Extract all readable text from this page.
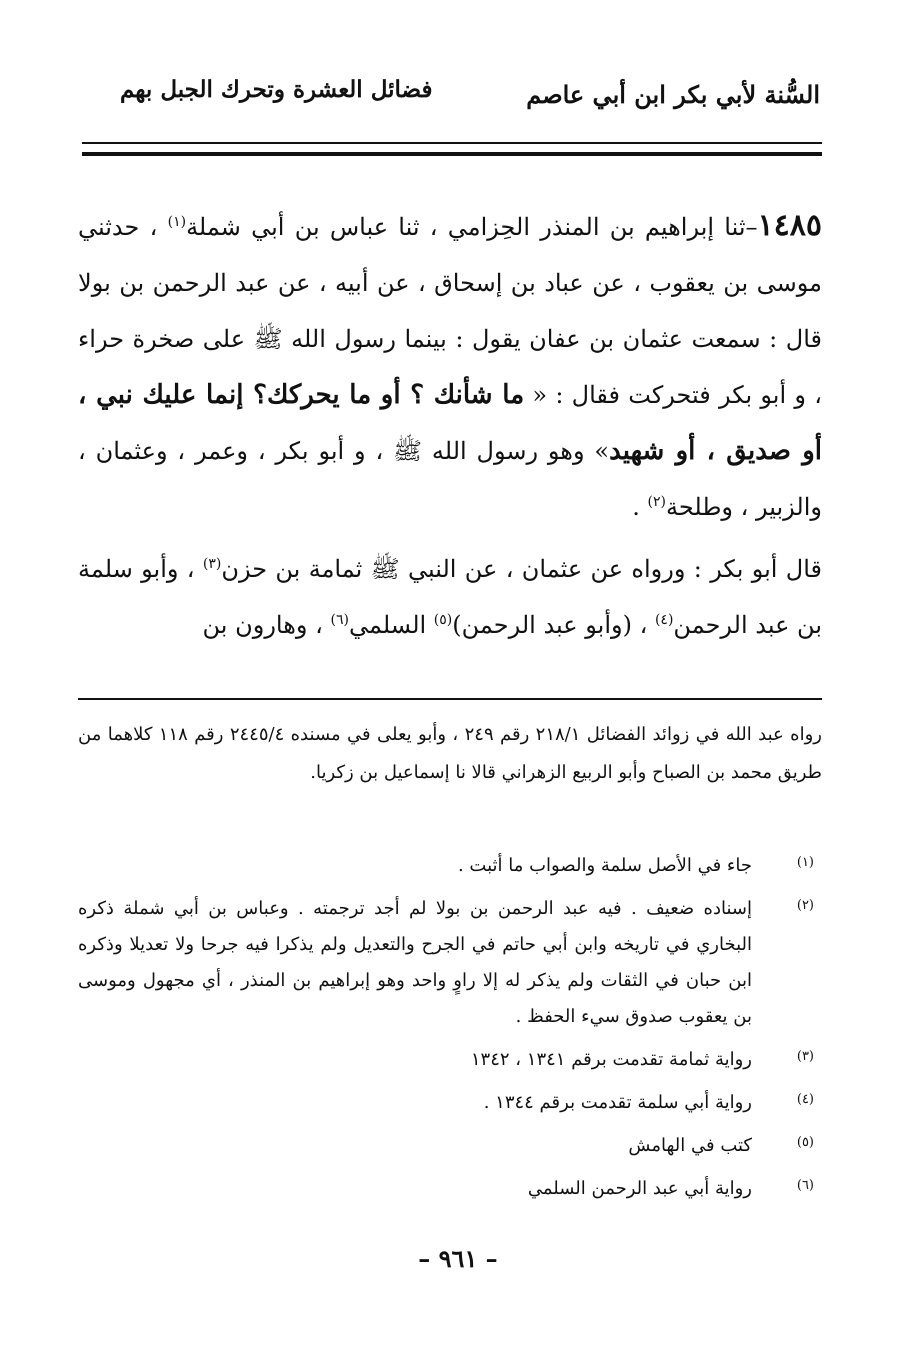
السُّنة لأبي بكر ابن أبي عاصم
فضائل العشرة وتحرك الجبل بهم

١٤٨٥–ثنا إبراهيم بن المنذر الحِزامي ، ثنا عباس بن أبي شملة$^{(١)}$ ، حدثني موسى بن يعقوب ، عن عباد بن إسحاق ، عن أبيه ، عن عبد الرحمن بن بولا قال : سمعت عثمان بن عفان يقول : بينما رسول الله ﷺ على صخرة حراء ، و أبو بكر فتحركت فقال : « ما شأنك ؟ أو ما يحركك؟ إنما عليك نبي ، أو صديق ، أو شهيد» وهو رسول الله ﷺ ، و أبو بكر ، وعمر ، وعثمان ، والزبير ، وطلحة$^{(٢)}$ .

قال أبو بكر : ورواه عن عثمان ، عن النبي ﷺ ثمامة بن حزن$^{(٣)}$ ، وأبو سلمة بن عبد الرحمن$^{(٤)}$ ، (وأبو عبد الرحمن)$^{(٥)}$ السلمي$^{(٦)}$ ، وهارون بن

رواه عبد الله في زوائد الفضائل ٢١٨/١ رقم ٢٤٩ ، وأبو يعلى في مسنده ٢٤٤٥/٤ رقم ١١٨ كلاهما من طريق محمد بن الصباح وأبو الربيع الزهراني قالا نا إسماعيل بن زكريا.
(١)
جاء في الأصل سلمة والصواب ما أثبت .
(٢)
إسناده ضعيف . فيه عبد الرحمن بن بولا لم أجد ترجمته . وعباس بن أبي شملة ذكره البخاري في تاريخه وابن أبي حاتم في الجرح والتعديل ولم يذكرا فيه جرحا ولا تعديلا وذكره ابن حبان في الثقات ولم يذكر له إلا راوٍ واحد وهو إبراهيم بن المنذر ، أي مجهول وموسى بن يعقوب صدوق سيء الحفظ .
(٣)
رواية ثمامة تقدمت برقم ١٣٤١ ، ١٣٤٢
(٤)
رواية أبي سلمة تقدمت برقم ١٣٤٤ .
(٥)
كتب في الهامش
(٦)
رواية أبي عبد الرحمن السلمي
– ٩٦١ –
